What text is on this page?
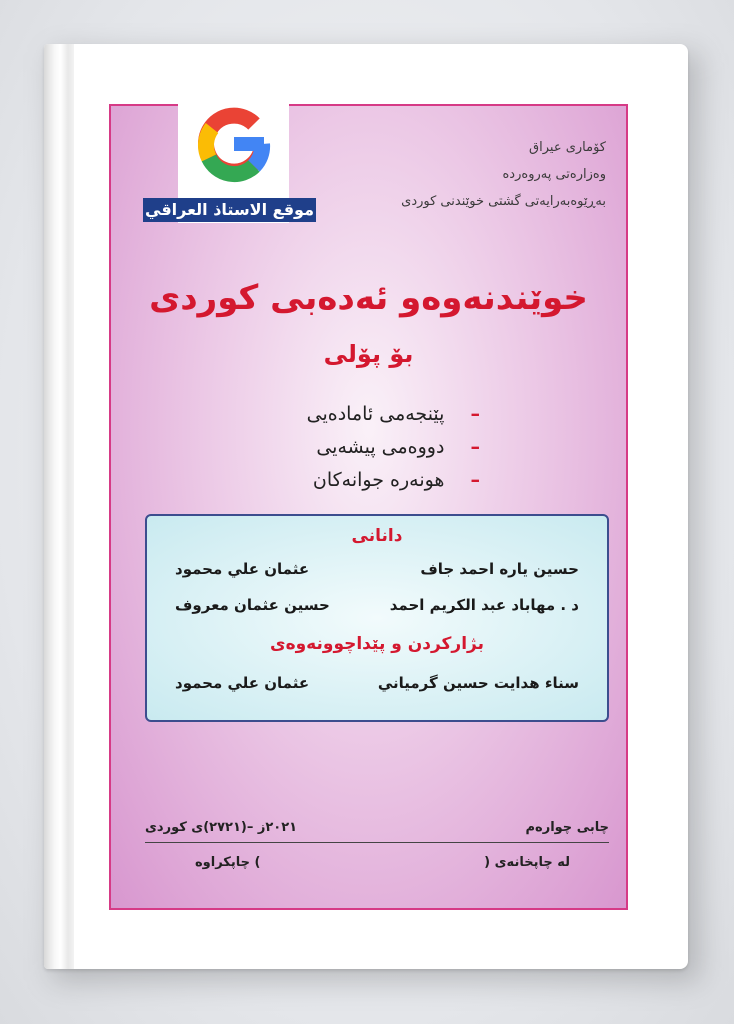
موقع الاستاذ العراقي
کۆماری عیراق
وەزارەتی پەروەردە
بەڕێوەبەرایەتی گشتی خوێندنی کوردی
خوێندنەوەو ئەدەبی کوردی
بۆ پۆلی
– پێنجەمی ئامادەیی
– دووەمی پیشەیی
– هونەرە جوانەکان
دانانی
حسین یارە احمد جاف
عثمان علي محمود
د . مهاباد عبد الكريم احمد
حسين عثمان معروف
بژارکردن و پێداچوونەوەی
سناء هدايت حسين گرمياني
عثمان علي محمود
چابی چوارەم
٢٠٢١ز –(٢٧٢١)ی کوردی
لە چاپخانەی (
) چاپکراوە
